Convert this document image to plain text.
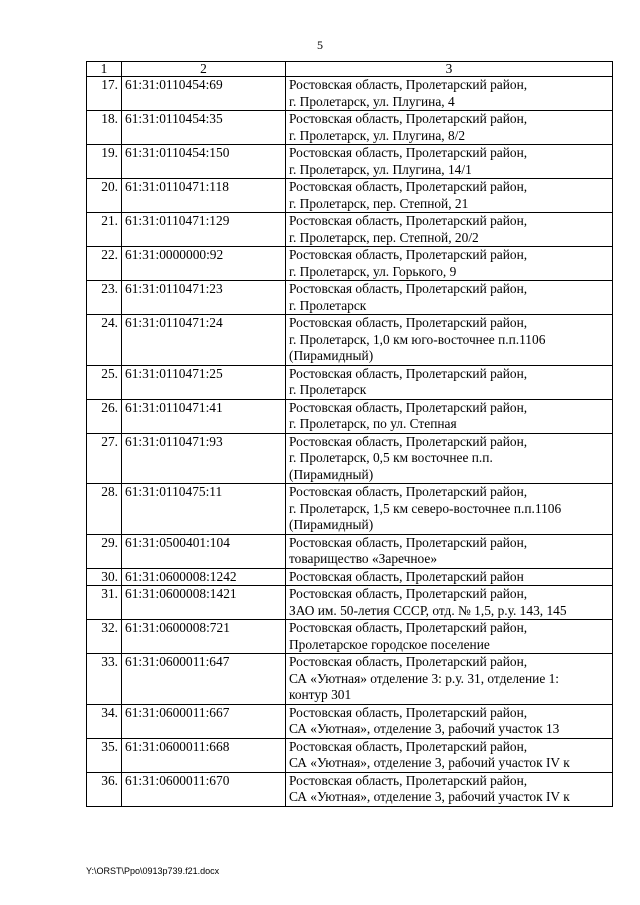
5
1	2	3
17.	61:31:0110454:69	Ростовская область, Пролетарский район,
г. Пролетарск, ул. Плугина, 4
18.	61:31:0110454:35	Ростовская область, Пролетарский район,
г. Пролетарск, ул. Плугина, 8/2
19.	61:31:0110454:150	Ростовская область, Пролетарский район,
г. Пролетарск, ул. Плугина, 14/1
20.	61:31:0110471:118	Ростовская область, Пролетарский район,
г. Пролетарск, пер. Степной, 21
21.	61:31:0110471:129	Ростовская область, Пролетарский район,
г. Пролетарск, пер. Степной, 20/2
22.	61:31:0000000:92	Ростовская область, Пролетарский район,
г. Пролетарск, ул. Горького, 9
23.	61:31:0110471:23	Ростовская область, Пролетарский район,
г. Пролетарск
24.	61:31:0110471:24	Ростовская область, Пролетарский район,
г. Пролетарск, 1,0 км юго-восточнее п.п.1106
(Пирамидный)
25.	61:31:0110471:25	Ростовская область, Пролетарский район,
г. Пролетарск
26.	61:31:0110471:41	Ростовская область, Пролетарский район,
г. Пролетарск, по ул. Степная
27.	61:31:0110471:93	Ростовская область, Пролетарский район,
г. Пролетарск, 0,5 км восточнее п.п.
(Пирамидный)
28.	61:31:0110475:11	Ростовская область, Пролетарский район,
г. Пролетарск, 1,5 км северо-восточнее п.п.1106
(Пирамидный)
29.	61:31:0500401:104	Ростовская область, Пролетарский район,
товарищество «Заречное»
30.	61:31:0600008:1242	Ростовская область, Пролетарский район
31.	61:31:0600008:1421	Ростовская область, Пролетарский район,
ЗАО им. 50-летия СССР, отд. № 1,5, р.у. 143, 145
32.	61:31:0600008:721	Ростовская область, Пролетарский район,
Пролетарское городское поселение
33.	61:31:0600011:647	Ростовская область, Пролетарский район,
СА «Уютная» отделение 3: р.у. 31, отделение 1:
контур 301
34.	61:31:0600011:667	Ростовская область, Пролетарский район,
СА «Уютная», отделение 3, рабочий участок 13
35.	61:31:0600011:668	Ростовская область, Пролетарский район,
СА «Уютная», отделение 3, рабочий участок IV к
36.	61:31:0600011:670	Ростовская область, Пролетарский район,
СА «Уютная», отделение 3, рабочий участок IV к
Y:\ORST\Ppo\0913p739.f21.docx
